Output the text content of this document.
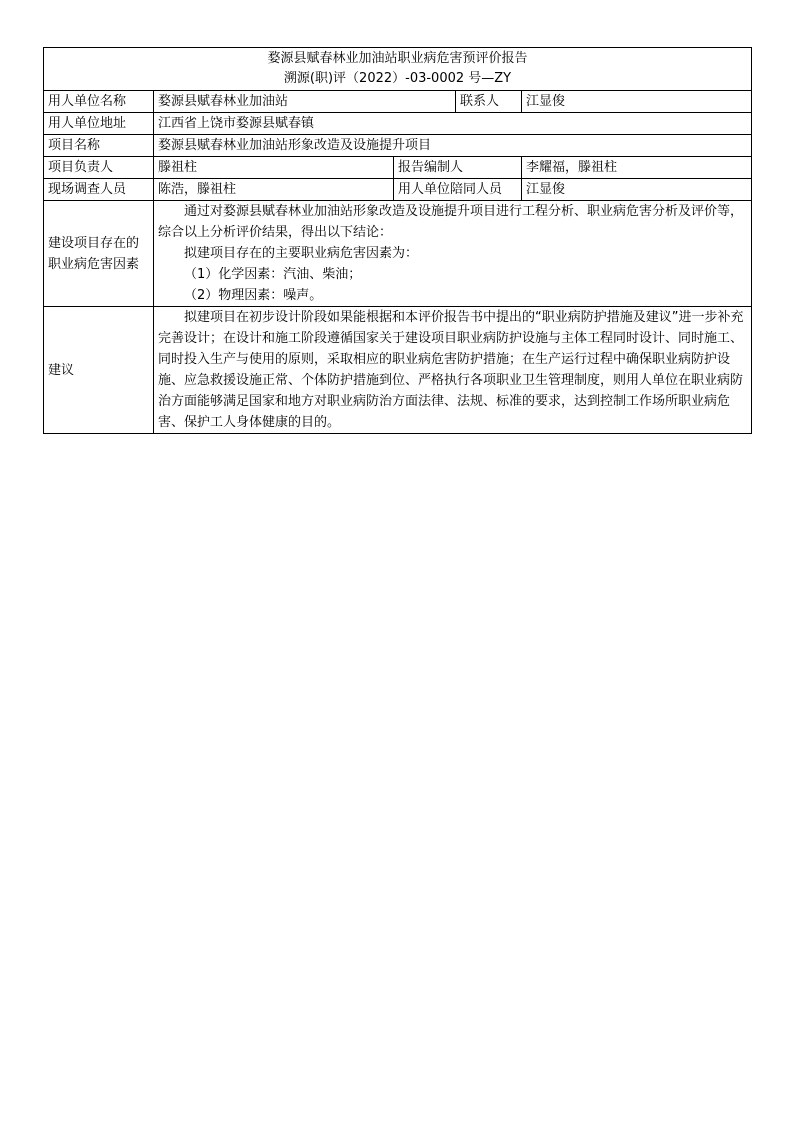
婺源县赋春林业加油站职业病危害预评价报告
溯源(职)评（2022）-03-0002 号—ZY				

用人单位名称	婺源县赋春林业加油站		联系人	江显俊
用人单位地址	江西省上饶市婺源县赋春镇			
项目名称	婺源县赋春林业加油站形象改造及设施提升项目			
项目负责人	滕祖柱	报告编制人		李耀福，滕祖柱
现场调查人员	陈浩，滕祖柱	用人单位陪同人员		江显俊
建设项目存在的职业病危害因素	通过对婺源县赋春林业加油站形象改造及设施提升项目进行工程分析、职业病危害分析及评价等，综合以上分析评价结果，得出以下结论：

拟建项目存在的主要职业病危害因素为：

（1）化学因素：汽油、柴油；

（2）物理因素：噪声。			

建议	拟建项目在初步设计阶段如果能根据和本评价报告书中提出的“职业病防护措施及建议”进一步补充完善设计；在设计和施工阶段遵循国家关于建设项目职业病防护设施与主体工程同时设计、同时施工、同时投入生产与使用的原则，采取相应的职业病危害防护措施；在生产运行过程中确保职业病防护设施、应急救援设施正常、个体防护措施到位、严格执行各项职业卫生管理制度，则用人单位在职业病防治方面能够满足国家和地方对职业病防治方面法律、法规、标准的要求，达到控制工作场所职业病危害、保护工人身体健康的目的。			
